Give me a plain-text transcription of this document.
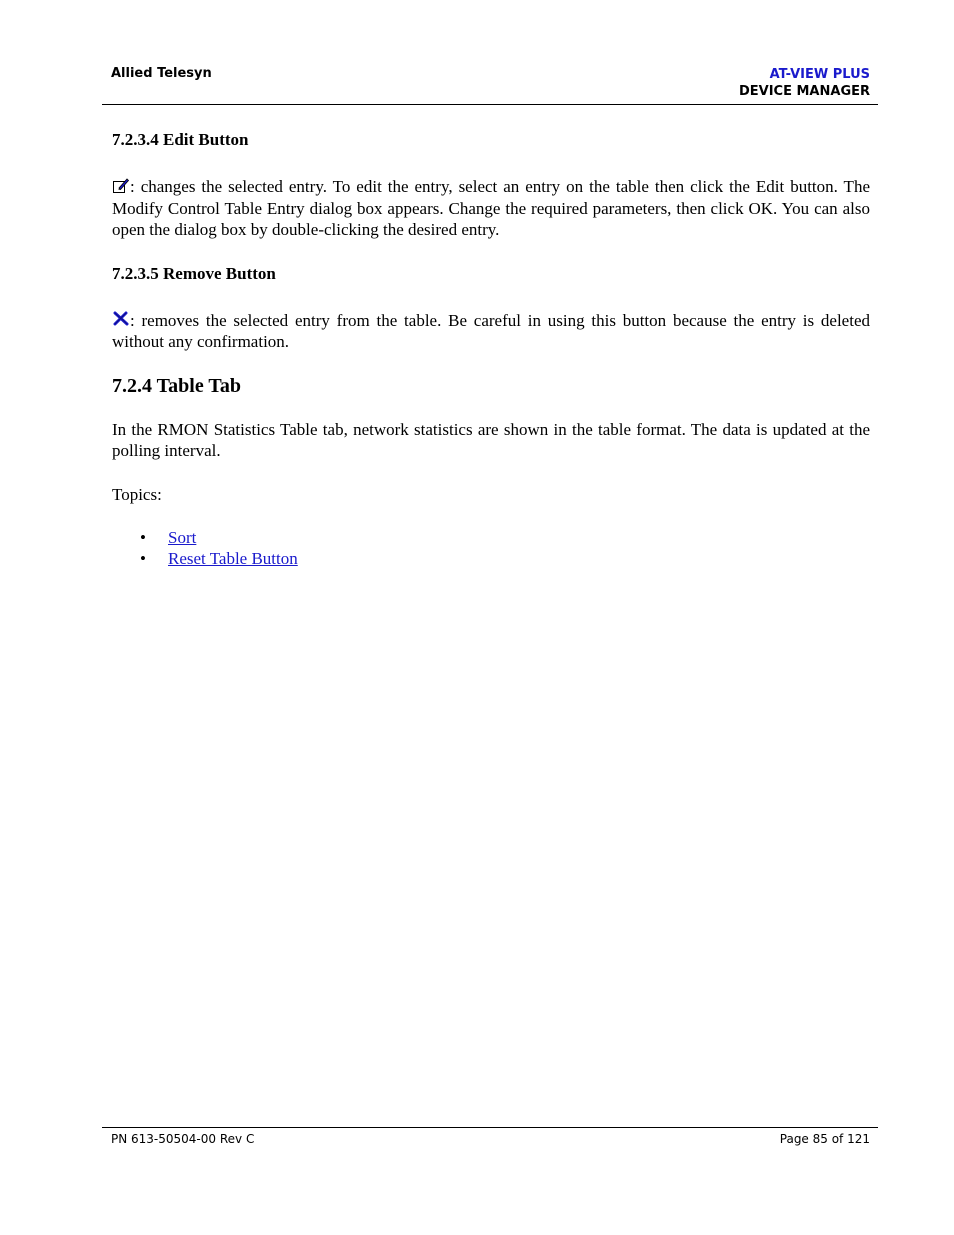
Allied Telesyn	AT-VIEW PLUS
DEVICE MANAGER
7.2.3.4 Edit Button

: changes the selected entry. To edit the entry, select an entry on the table then click the Edit button. The Modify Control Table Entry dialog box appears. Change the required parameters, then click OK. You can also open the dialog box by double-clicking the desired entry.

7.2.3.5 Remove Button

: removes the selected entry from the table. Be careful in using this button because the entry is deleted without any confirmation.

7.2.4 Table Tab

In the RMON Statistics Table tab, network statistics are shown in the table format. The data is updated at the polling interval.

Topics:

• Sort
• Reset Table Button
PN 613-50504-00 Rev C	Page 85 of 121
